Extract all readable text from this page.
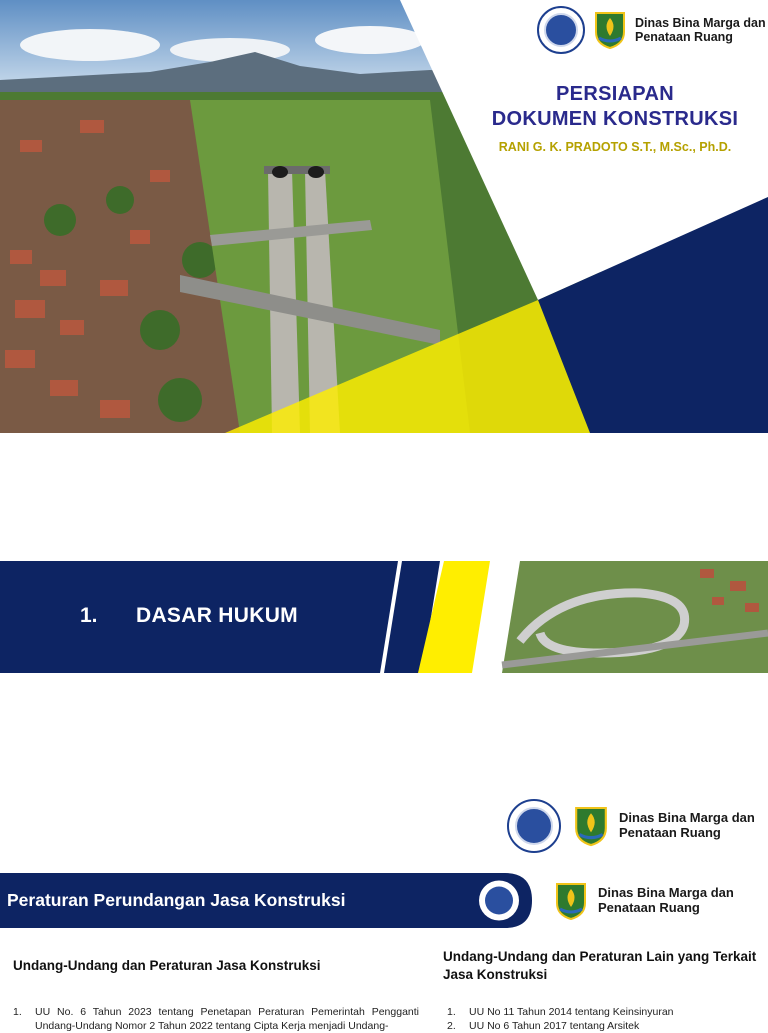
Dinas Bina Marga dan
Penataan Ruang
PERSIAPAN
DOKUMEN KONSTRUKSI
RANI G. K. PRADOTO S.T., M.Sc., Ph.D.
1. DASAR HUKUM
Dinas Bina Marga dan
Penataan Ruang
Peraturan Perundangan Jasa Konstruksi	Dinas Bina Marga dan
Penataan Ruang
Undang-Undang dan Peraturan Jasa Konstruksi
1.	UU No. 6 Tahun 2023 tentang Penetapan Peraturan Pemerintah Pengganti Undang-Undang Nomor 2 Tahun 2022 tentang Cipta Kerja menjadi Undang-
Undang-Undang dan Peraturan Lain yang Terkait Jasa Konstruksi
1.	UU No 11 Tahun 2014 tentang Keinsinyuran
2.	UU No 6 Tahun 2017 tentang Arsitek
